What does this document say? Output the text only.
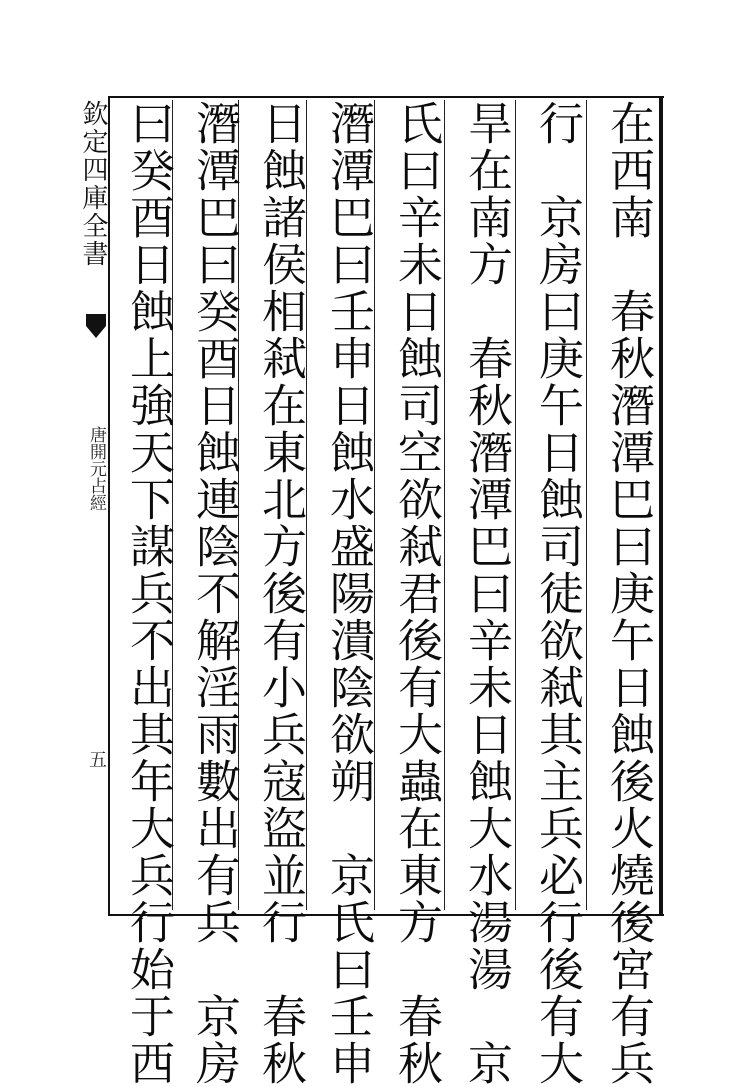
欽定四庫全書
唐開元占經
五	在西南　春秋潛潭巴曰庚午日蝕後火燒後宮有兵
行　京房曰庚午日蝕司徒欲弒其主兵必行後有大
旱在南方　春秋潛潭巴曰辛未日蝕大水湯湯　京
氏曰辛未日蝕司空欲弒君後有大蟲在東方　春秋
潛潭巴曰壬申日蝕水盛陽潰陰欲朔　京氏曰壬申
日蝕諸侯相弒在東北方後有小兵寇盜並行　春秋
潛潭巴曰癸酉日蝕連陰不解淫雨數出有兵　京房
曰癸酉日蝕上強天下謀兵不出其年大兵行始于西
